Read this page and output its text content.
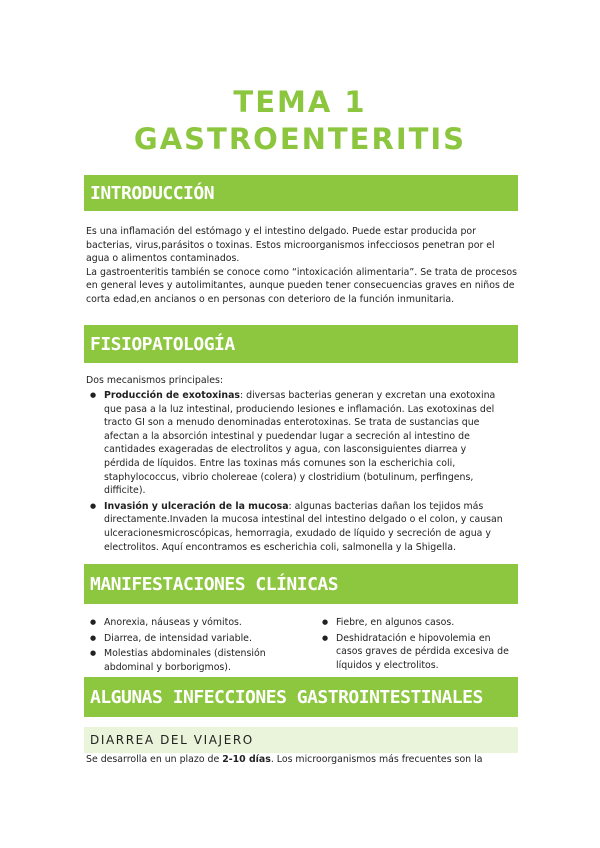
TEMA 1
GASTROENTERITIS
INTRODUCCIÓN

Es una inflamación del estómago y el intestino delgado. Puede estar producida por bacterias, virus,parásitos o toxinas. Estos microorganismos infecciosos penetran por el agua o alimentos contaminados.

La gastroenteritis también se conoce como “intoxicación alimentaria”. Se trata de procesos en general leves y autolimitantes, aunque pueden tener consecuencias graves en niños de corta edad,en ancianos o en personas con deterioro de la función inmunitaria.

FISIOPATOLOGÍA
Dos mecanismos principales:
● Producción de exotoxinas: diversas bacterias generan y excretan una exotoxina que pasa a la luz intestinal, produciendo lesiones e inflamación. Las exotoxinas del tracto GI son a menudo denominadas enterotoxinas. Se trata de sustancias que afectan a la absorción intestinal y puedendar lugar a secreción al intestino de cantidades exageradas de electrolitos y agua, con lasconsiguientes diarrea y pérdida de líquidos. Entre las toxinas más comunes son la escherichia coli, staphylococcus, vibrio cholereae (colera) y clostridium (botulinum, perfingens, difficite).
● Invasión y ulceración de la mucosa: algunas bacterias dañan los tejidos más directamente.Invaden la mucosa intestinal del intestino delgado o el colon, y causan ulceracionesmicroscópicas, hemorragia, exudado de líquido y secreción de agua y electrolitos. Aquí encontramos es escherichia coli, salmonella y la Shigella.
MANIFESTACIONES CLÍNICAS
● Anorexia, náuseas y vómitos.
● Diarrea, de intensidad variable.
● Molestias abdominales (distensión abdominal y borborigmos).
● Fiebre, en algunos casos.
● Deshidratación e hipovolemia en casos graves de pérdida excesiva de líquidos y electrolitos.
ALGUNAS INFECCIONES GASTROINTESTINALES
DIARREA DEL VIAJERO
Se desarrolla en un plazo de 2-10 días. Los microorganismos más frecuentes son la
